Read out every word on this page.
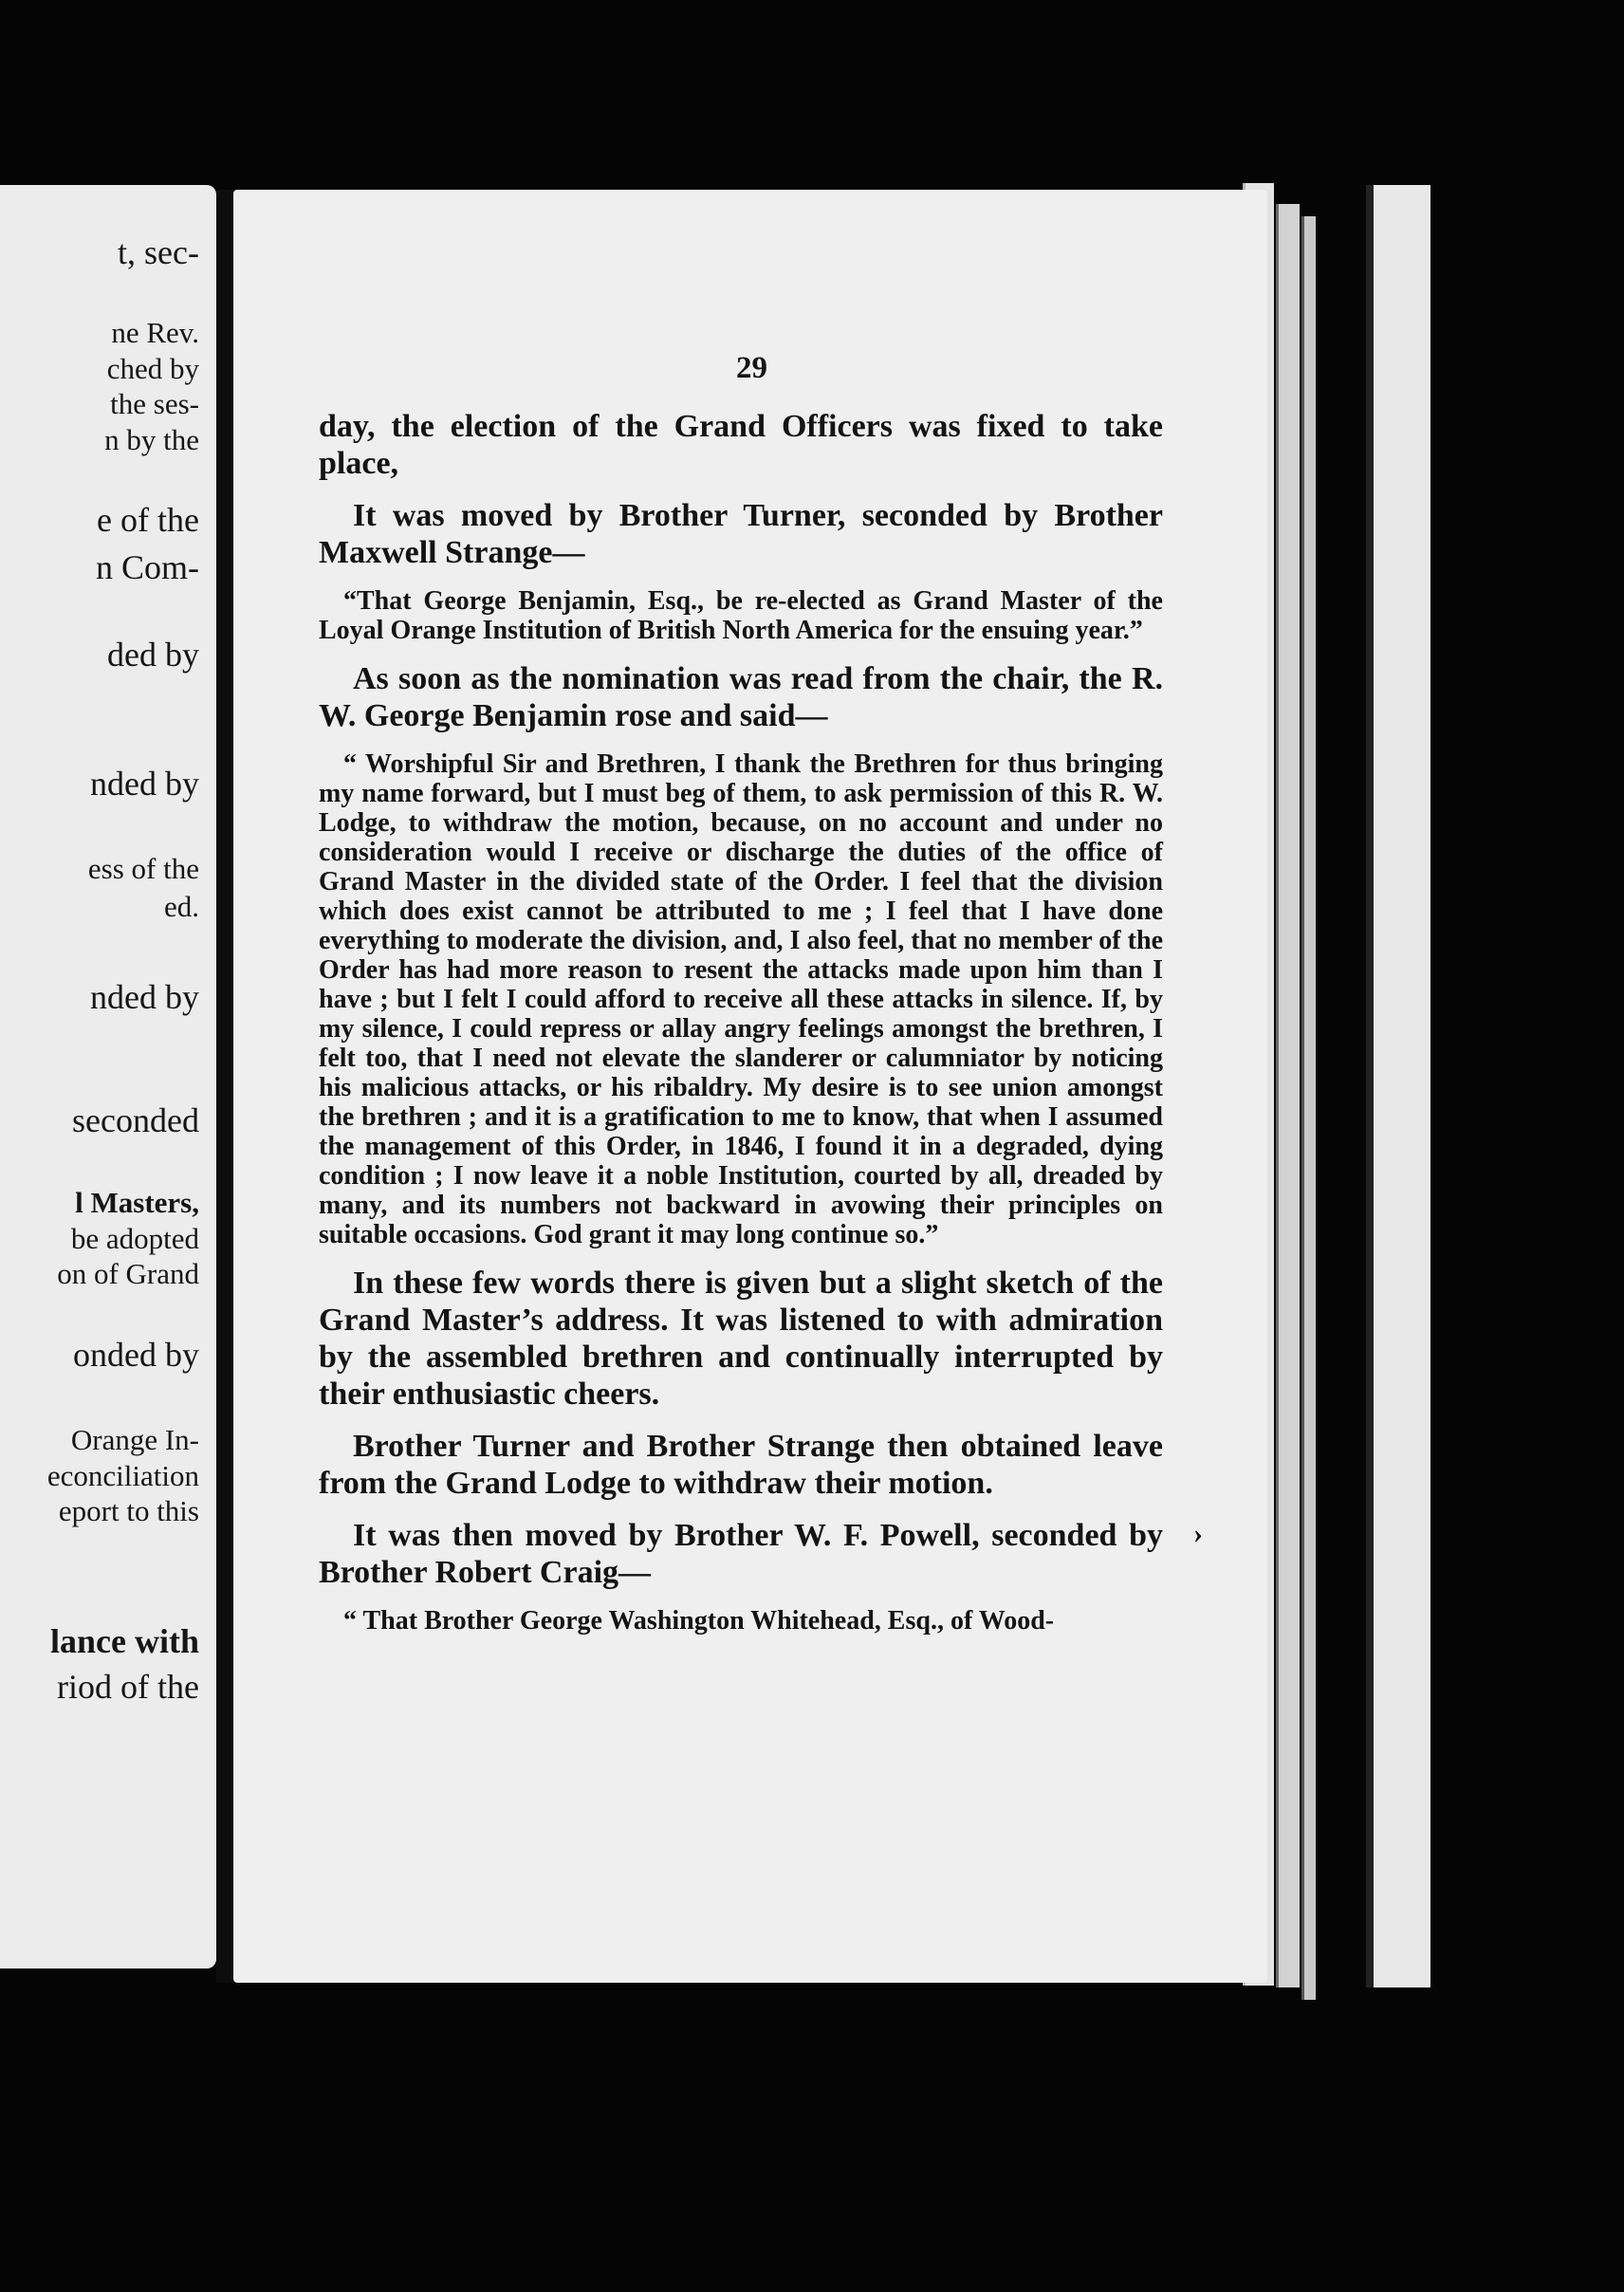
t, sec-
ne Rev.
ched by
the ses-
n by the
e of the
n Com-
ded by
nded by
ess of the
ed.
nded by
seconded
l Masters,
be adopted
on of Grand
onded by
Orange In-
econciliation
eport to this
lance with
riod of the
29

day, the election of the Grand Officers was fixed to take place,

It was moved by Brother Turner, seconded by Brother Maxwell Strange—

“That George Benjamin, Esq., be re-elected as Grand Master of the Loyal Orange Institution of British North America for the ensuing year.”

As soon as the nomination was read from the chair, the R. W. George Benjamin rose and said—

“ Worshipful Sir and Brethren, I thank the Brethren for thus bringing my name forward, but I must beg of them, to ask permission of this R. W. Lodge, to withdraw the motion, because, on no account and under no consideration would I receive or discharge the duties of the office of Grand Master in the divided state of the Order. I feel that the division which does exist cannot be attributed to me ; I feel that I have done everything to moderate the division, and, I also feel, that no member of the Order has had more reason to resent the attacks made upon him than I have ; but I felt I could afford to receive all these attacks in silence. If, by my silence, I could repress or allay angry feelings amongst the brethren, I felt too, that I need not elevate the slanderer or calumniator by noticing his malicious attacks, or his ribaldry. My desire is to see union amongst the brethren ; and it is a gratification to me to know, that when I assumed the management of this Order, in 1846, I found it in a degraded, dying condition ; I now leave it a noble Institution, courted by all, dreaded by many, and its numbers not backward in avowing their principles on suitable occasions. God grant it may long continue so.”

In these few words there is given but a slight sketch of the Grand Master’s address. It was listened to with admiration by the assembled brethren and continually interrupted by their enthusiastic cheers.

Brother Turner and Brother Strange then obtained leave from the Grand Lodge to withdraw their motion.

It was then moved by Brother W. F. Powell, seconded by Brother Robert Craig—

“ That Brother George Washington Whitehead, Esq., of Wood-

›
